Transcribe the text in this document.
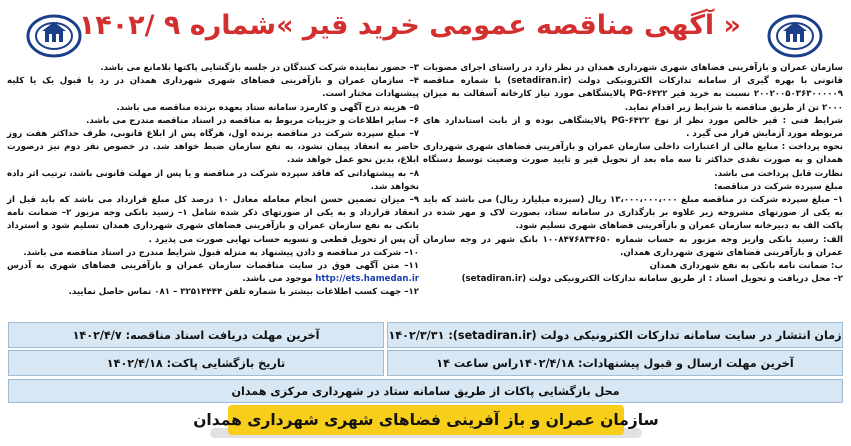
« آگهی مناقصه عمومی خرید قیر »شماره ۹ /۱۴۰۲

سازمان عمران و بازآفرینی فضاهای شهری شهرداری همدان در نظر دارد در راستای اجرای مصوبات قانونی با بهره گیری از سامانه تدارکات الکترونیکی دولت (setadiran.ir) با شماره مناقصه ۲۰۰۲۰۰۵۰۳۶۳۰۰۰۰۰۹ نسبت به خرید قیر PG-۶۴۲۲ پالایشگاهی مورد نیاز کارخانه آسفالت به میزان ۲۰۰۰ تن از طریق مناقصه با شرایط زیر اقدام نماید.

شرایط فنی : قیر خالص مورد نظر از نوع PG-۶۴۲۲ پالایشگاهی بوده و از بابت استاندارد های مربوطه مورد آزمایش قرار می گیرد .

نحوه پرداخت : منابع مالی از اعتبارات داخلی سازمان عمران و بازآفرینی فضاهای شهری شهرداری همدان و به صورت نقدی حداکثر تا سه ماه بعد از تحویل قیر و تایید صورت وضعیت توسط دستگاه نظارت قابل پرداخت می باشد.

مبلغ سپرده شرکت در مناقصه:

۱– مبلغ سپرده شرکت در مناقصه مبلغ ۱۳،۰۰۰،۰۰۰،۰۰۰ ریال (سیزده میلیارد ریال) می باشد که باید به یکی از صورتهای مشروحه زیر علاوه بر بارگذاری در سامانه ستاد، بصورت لاک و مهر شده در پاکت الف به دبیرخانه سازمان عمران و بازآفرینی فضاهای شهری تسلیم شود.

الف: رسید بانکی واریز وجه مزبور به حساب شماره ۱۰۰۸۴۷۶۸۳۴۶۵۰ بانک شهر در وجه سازمان عمران و بازآفرینی فضاهای شهری شهرداری همدان.

ب: ضمانت نامه بانکی به نفع شهرداری همدان

۲– محل دریافت و تحویل اسناد : از طریق سامانه تدارکات الکترونیکی دولت (setadiran.ir)

۳– حضور نماینده شرکت کنندگان در جلسه بازگشایی پاکتها بلامانع می باشد.

۴– سازمان عمران و بازآفرینی فضاهای شهری شهرداری همدان در رد یا قبول یک یا کلیه پیشنهادات مختار است.

۵– هزینه درج آگهی و کارمزد سامانه ستاد بعهده برنده مناقصه می باشد.

۶– سایر اطلاعات و جزییات مربوط به مناقصه در اسناد مناقصه مندرج می باشد.

۷– مبلغ سپرده شرکت در مناقصه برنده اول، هرگاه پس از ابلاغ قانونی، ظرف حداکثر هفت روز حاضر به انعقاد پیمان نشود، به نفع سازمان ضبط خواهد شد. در خصوص نفر دوم نیز درصورت ابلاغ، بدین نحو عمل خواهد شد.

۸– به پیشنهاداتی که فاقد سپرده شرکت در مناقصه و یا پس از مهلت قانونی باشد، ترتیب اثر داده نخواهد شد.

۹– میزان تضمین حسن انجام معامله معادل ۱۰ درصد کل مبلغ قرارداد می باشد که باید قبل از انعقاد قرارداد و به یکی از صورتهای ذکر شده شامل ۱– رسید بانکی وجه مزبور ۲– ضمانت نامه بانکی به نفع سازمان عمران و بازآفرینی فضاهای شهری شهرداری همدان تسلیم شود و استرداد آن پس از تحویل قطعی و تسویه حساب نهایی صورت می پذیرد .

۱۰– شرکت در مناقصه و دادن پیشنهاد به منزله قبول شرایط مندرج در اسناد مناقصه می باشد.

۱۱– متن آگهی فوق در سایت مناقصات سازمان عمران و بازآفرینی فضاهای شهری به آدرس http://ets.hamedan.ir موجود می باشد.

۱۲– جهت کسب اطلاعات بیشتر با شماره تلفن ۳۲۵۱۴۴۴۴ – ۰۸۱ تماس حاصل نمایید.

زمان انتشار در سایت سامانه تدارکات الکترونیکی دولت (setadiran.ir): ۱۴۰۲/۳/۳۱
آخرین مهلت دریافت اسناد مناقصه: ۱۴۰۲/۴/۷
آخرین مهلت ارسال و قبول پیشنهادات: ۱۴۰۲/۴/۱۸راس ساعت ۱۴
تاریخ بازگشایی پاکت: ۱۴۰۲/۴/۱۸
محل بازگشایی پاکات از طریق سامانه ستاد در شهرداری مرکزی همدان
سازمان عمران و باز آفرینی فضاهای شهری شهرداری همدان
